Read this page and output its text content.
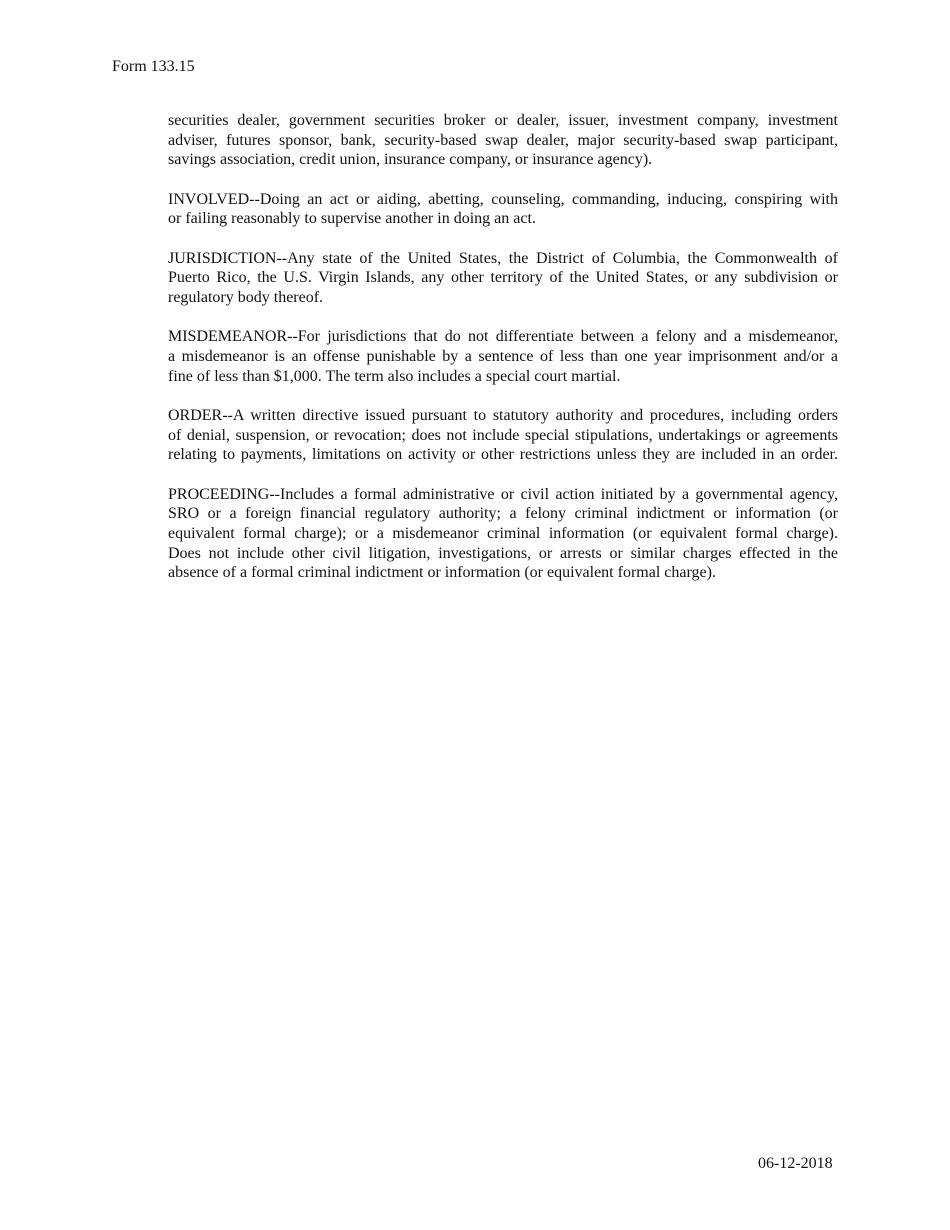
Form 133.15
securities dealer, government securities broker or dealer, issuer, investment company, investment
adviser, futures sponsor, bank, security-based swap dealer, major security-based swap participant,
savings association, credit union, insurance company, or insurance agency).
INVOLVED--Doing an act or aiding, abetting, counseling, commanding, inducing, conspiring with
or failing reasonably to supervise another in doing an act.
JURISDICTION--Any state of the United States, the District of Columbia, the Commonwealth of
Puerto Rico, the U.S. Virgin Islands, any other territory of the United States, or any subdivision or
regulatory body thereof.
MISDEMEANOR--For jurisdictions that do not differentiate between a felony and a misdemeanor,
a misdemeanor is an offense punishable by a sentence of less than one year imprisonment and/or a
fine of less than $1,000. The term also includes a special court martial.
ORDER--A written directive issued pursuant to statutory authority and procedures, including orders
of denial, suspension, or revocation; does not include special stipulations, undertakings or agreements
relating to payments, limitations on activity or other restrictions unless they are included in an order.
PROCEEDING--Includes a formal administrative or civil action initiated by a governmental agency,
SRO or a foreign financial regulatory authority; a felony criminal indictment or information (or
equivalent formal charge); or a misdemeanor criminal information (or equivalent formal charge).
Does not include other civil litigation, investigations, or arrests or similar charges effected in the
absence of a formal criminal indictment or information (or equivalent formal charge).
06-12-2018
